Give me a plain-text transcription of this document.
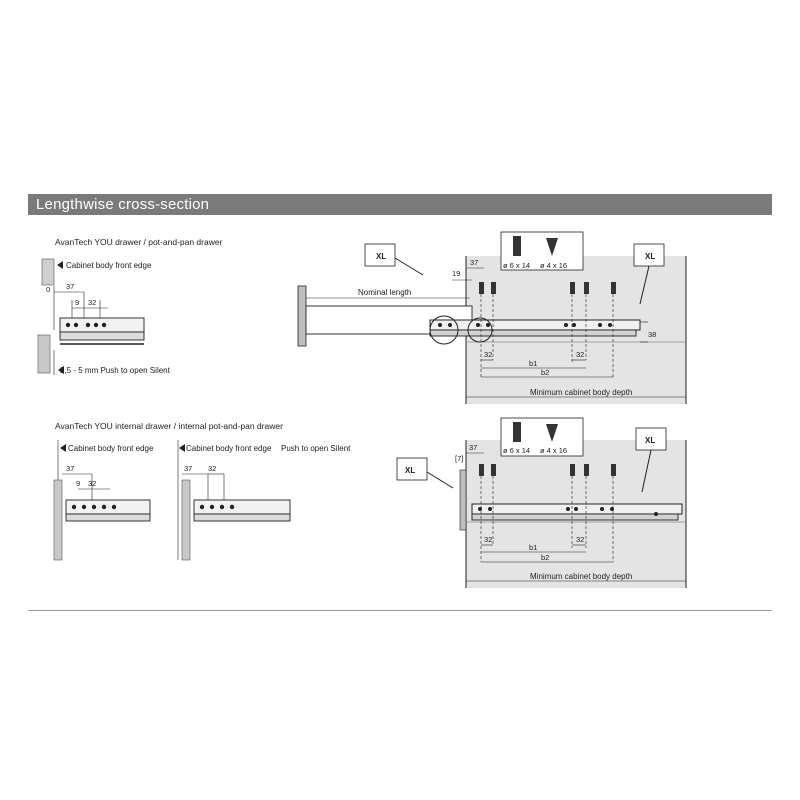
Lengthwise cross-section
AvanTech YOU drawer / pot-and-pan drawer
Cabinet body front edge
0 37
9 32
2,5 - 5 mm Push to open Silent
AvanTech YOU internal drawer / internal pot-and-pan drawer
Cabinet body front edge
37
9 32
Cabinet body front edge Push to open Silent
37 32
Nominal length
ø 6 x 14 ø 4 x 16
XL	XL
19
37
38
32	32
b1
b2
Minimum cabinet body depth
ø 6 x 14 ø 4 x 16
XL
XL
37
[7]
32	32
b1
b2
Minimum cabinet body depth
